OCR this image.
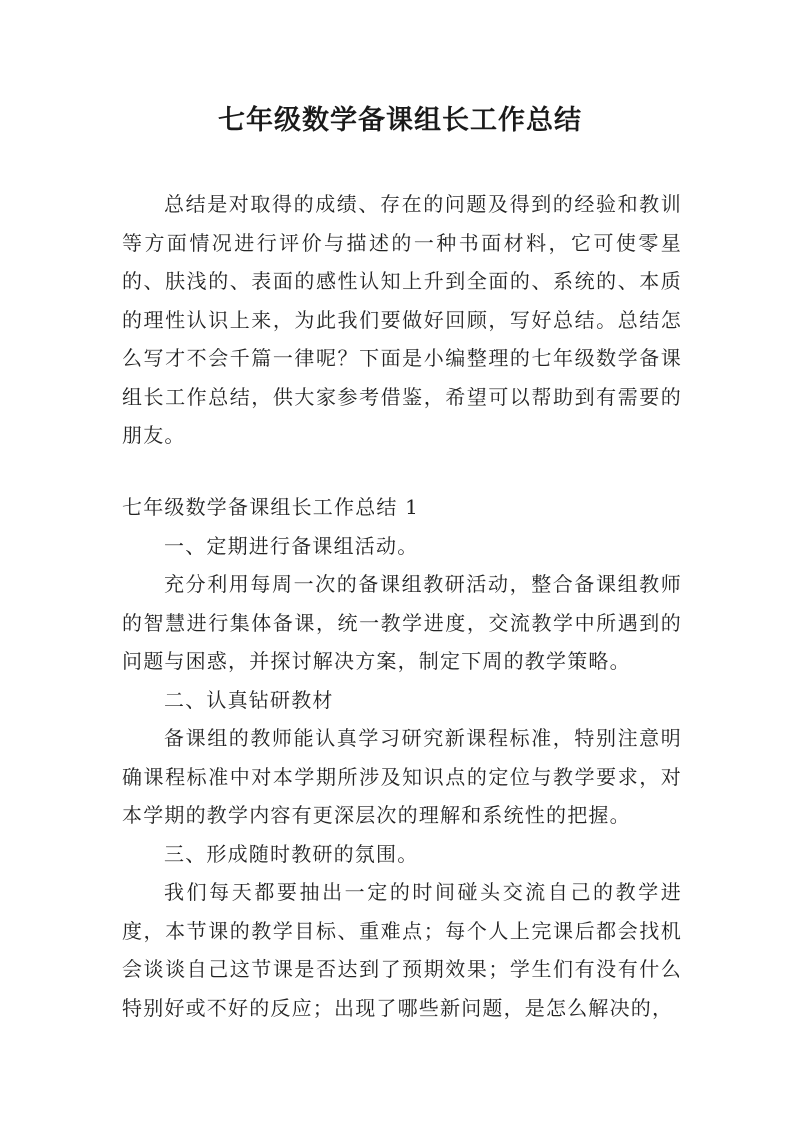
七年级数学备课组长工作总结
总结是对取得的成绩、存在的问题及得到的经验和教训等方面情况进行评价与描述的一种书面材料，它可使零星的、肤浅的、表面的感性认知上升到全面的、系统的、本质的理性认识上来，为此我们要做好回顾，写好总结。总结怎么写才不会千篇一律呢？下面是小编整理的七年级数学备课组长工作总结，供大家参考借鉴，希望可以帮助到有需要的朋友。
七年级数学备课组长工作总结 1
一、定期进行备课组活动。
充分利用每周一次的备课组教研活动，整合备课组教师的智慧进行集体备课，统一教学进度，交流教学中所遇到的问题与困惑，并探讨解决方案，制定下周的教学策略。
二、认真钻研教材
备课组的教师能认真学习研究新课程标准，特别注意明确课程标准中对本学期所涉及知识点的定位与教学要求，对本学期的教学内容有更深层次的理解和系统性的把握。
三、形成随时教研的氛围。
我们每天都要抽出一定的时间碰头交流自己的教学进度，本节课的教学目标、重难点；每个人上完课后都会找机会谈谈自己这节课是否达到了预期效果；学生们有没有什么特别好或不好的反应；出现了哪些新问题，是怎么解决的，
